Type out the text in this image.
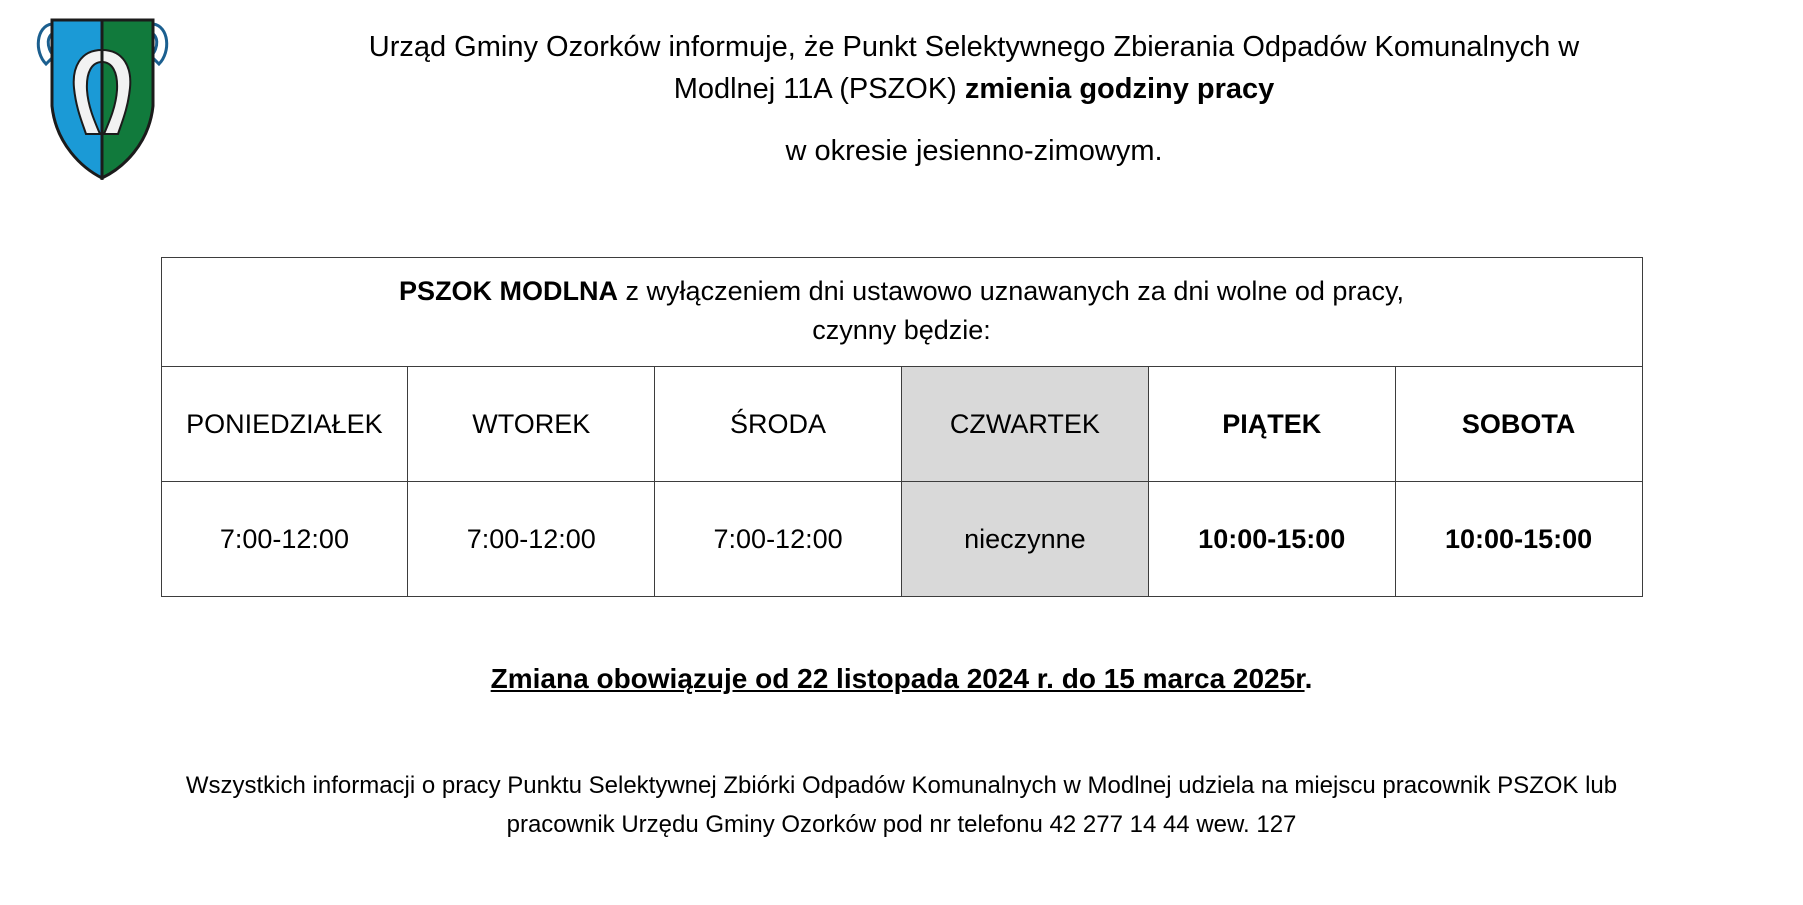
Urząd Gminy Ozorków informuje, że Punkt Selektywnego Zbierania Odpadów Komunalnych w
Modlnej 11A (PSZOK) zmienia godziny pracy
w okresie jesienno-zimowym.
PSZOK MODLNA z wyłączeniem dni ustawowo uznawanych za dni wolne od pracy,
czynny będzie:					
PONIEDZIAŁEK	WTOREK	ŚRODA	CZWARTEK	PIĄTEK	SOBOTA
7:00-12:00	7:00-12:00	7:00-12:00	nieczynne	10:00-15:00	10:00-15:00
Zmiana obowiązuje od 22 listopada 2024 r. do 15 marca 2025r.
Wszystkich informacji o pracy Punktu Selektywnej Zbiórki Odpadów Komunalnych w Modlnej udziela na miejscu pracownik PSZOK lub
pracownik Urzędu Gminy Ozorków pod nr telefonu 42 277 14 44 wew. 127
